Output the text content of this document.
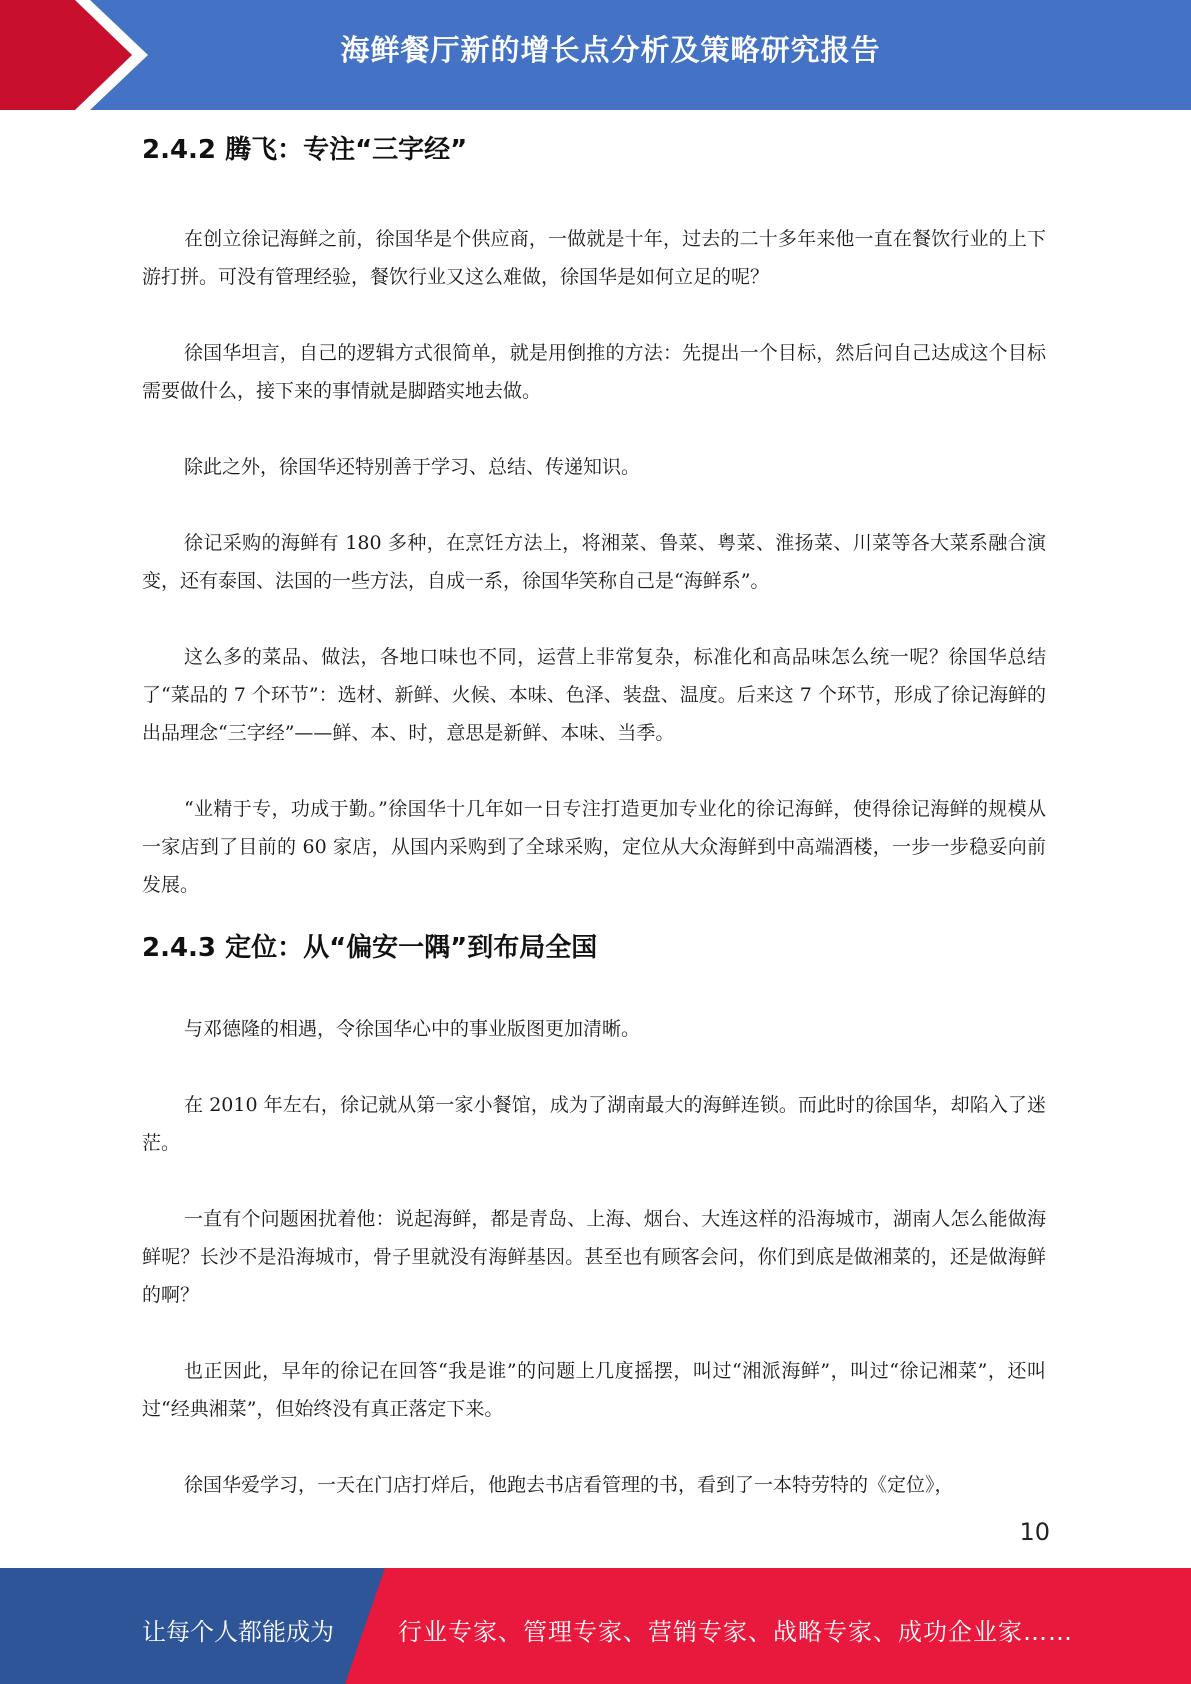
海鲜餐厅新的增长点分析及策略研究报告
2.4.2 腾飞：专注“三字经”

在创立徐记海鲜之前，徐国华是个供应商，一做就是十年，过去的二十多年来他一直在餐饮行业的上下游打拼。可没有管理经验，餐饮行业又这么难做，徐国华是如何立足的呢？

徐国华坦言，自己的逻辑方式很简单，就是用倒推的方法：先提出一个目标，然后问自己达成这个目标需要做什么，接下来的事情就是脚踏实地去做。

除此之外，徐国华还特别善于学习、总结、传递知识。

徐记采购的海鲜有 180 多种，在烹饪方法上，将湘菜、鲁菜、粤菜、淮扬菜、川菜等各大菜系融合演变，还有泰国、法国的一些方法，自成一系，徐国华笑称自己是“海鲜系”。

这么多的菜品、做法，各地口味也不同，运营上非常复杂，标准化和高品味怎么统一呢？徐国华总结了“菜品的 7 个环节”：选材、新鲜、火候、本味、色泽、装盘、温度。后来这 7 个环节，形成了徐记海鲜的出品理念“三字经”——鲜、本、时，意思是新鲜、本味、当季。

“业精于专，功成于勤。”徐国华十几年如一日专注打造更加专业化的徐记海鲜，使得徐记海鲜的规模从一家店到了目前的 60 家店，从国内采购到了全球采购，定位从大众海鲜到中高端酒楼，一步一步稳妥向前发展。

2.4.3 定位：从“偏安一隅”到布局全国

与邓德隆的相遇，令徐国华心中的事业版图更加清晰。

在 2010 年左右，徐记就从第一家小餐馆，成为了湖南最大的海鲜连锁。而此时的徐国华，却陷入了迷茫。

一直有个问题困扰着他：说起海鲜，都是青岛、上海、烟台、大连这样的沿海城市，湖南人怎么能做海鲜呢？长沙不是沿海城市，骨子里就没有海鲜基因。甚至也有顾客会问，你们到底是做湘菜的，还是做海鲜的啊？

也正因此，早年的徐记在回答“我是谁”的问题上几度摇摆，叫过“湘派海鲜”，叫过“徐记湘菜”，还叫过“经典湘菜”，但始终没有真正落定下来。

徐国华爱学习，一天在门店打烊后，他跑去书店看管理的书，看到了一本特劳特的《定位》，

10
让每个人都能成为	行业专家、管理专家、营销专家、战略专家、成功企业家……
